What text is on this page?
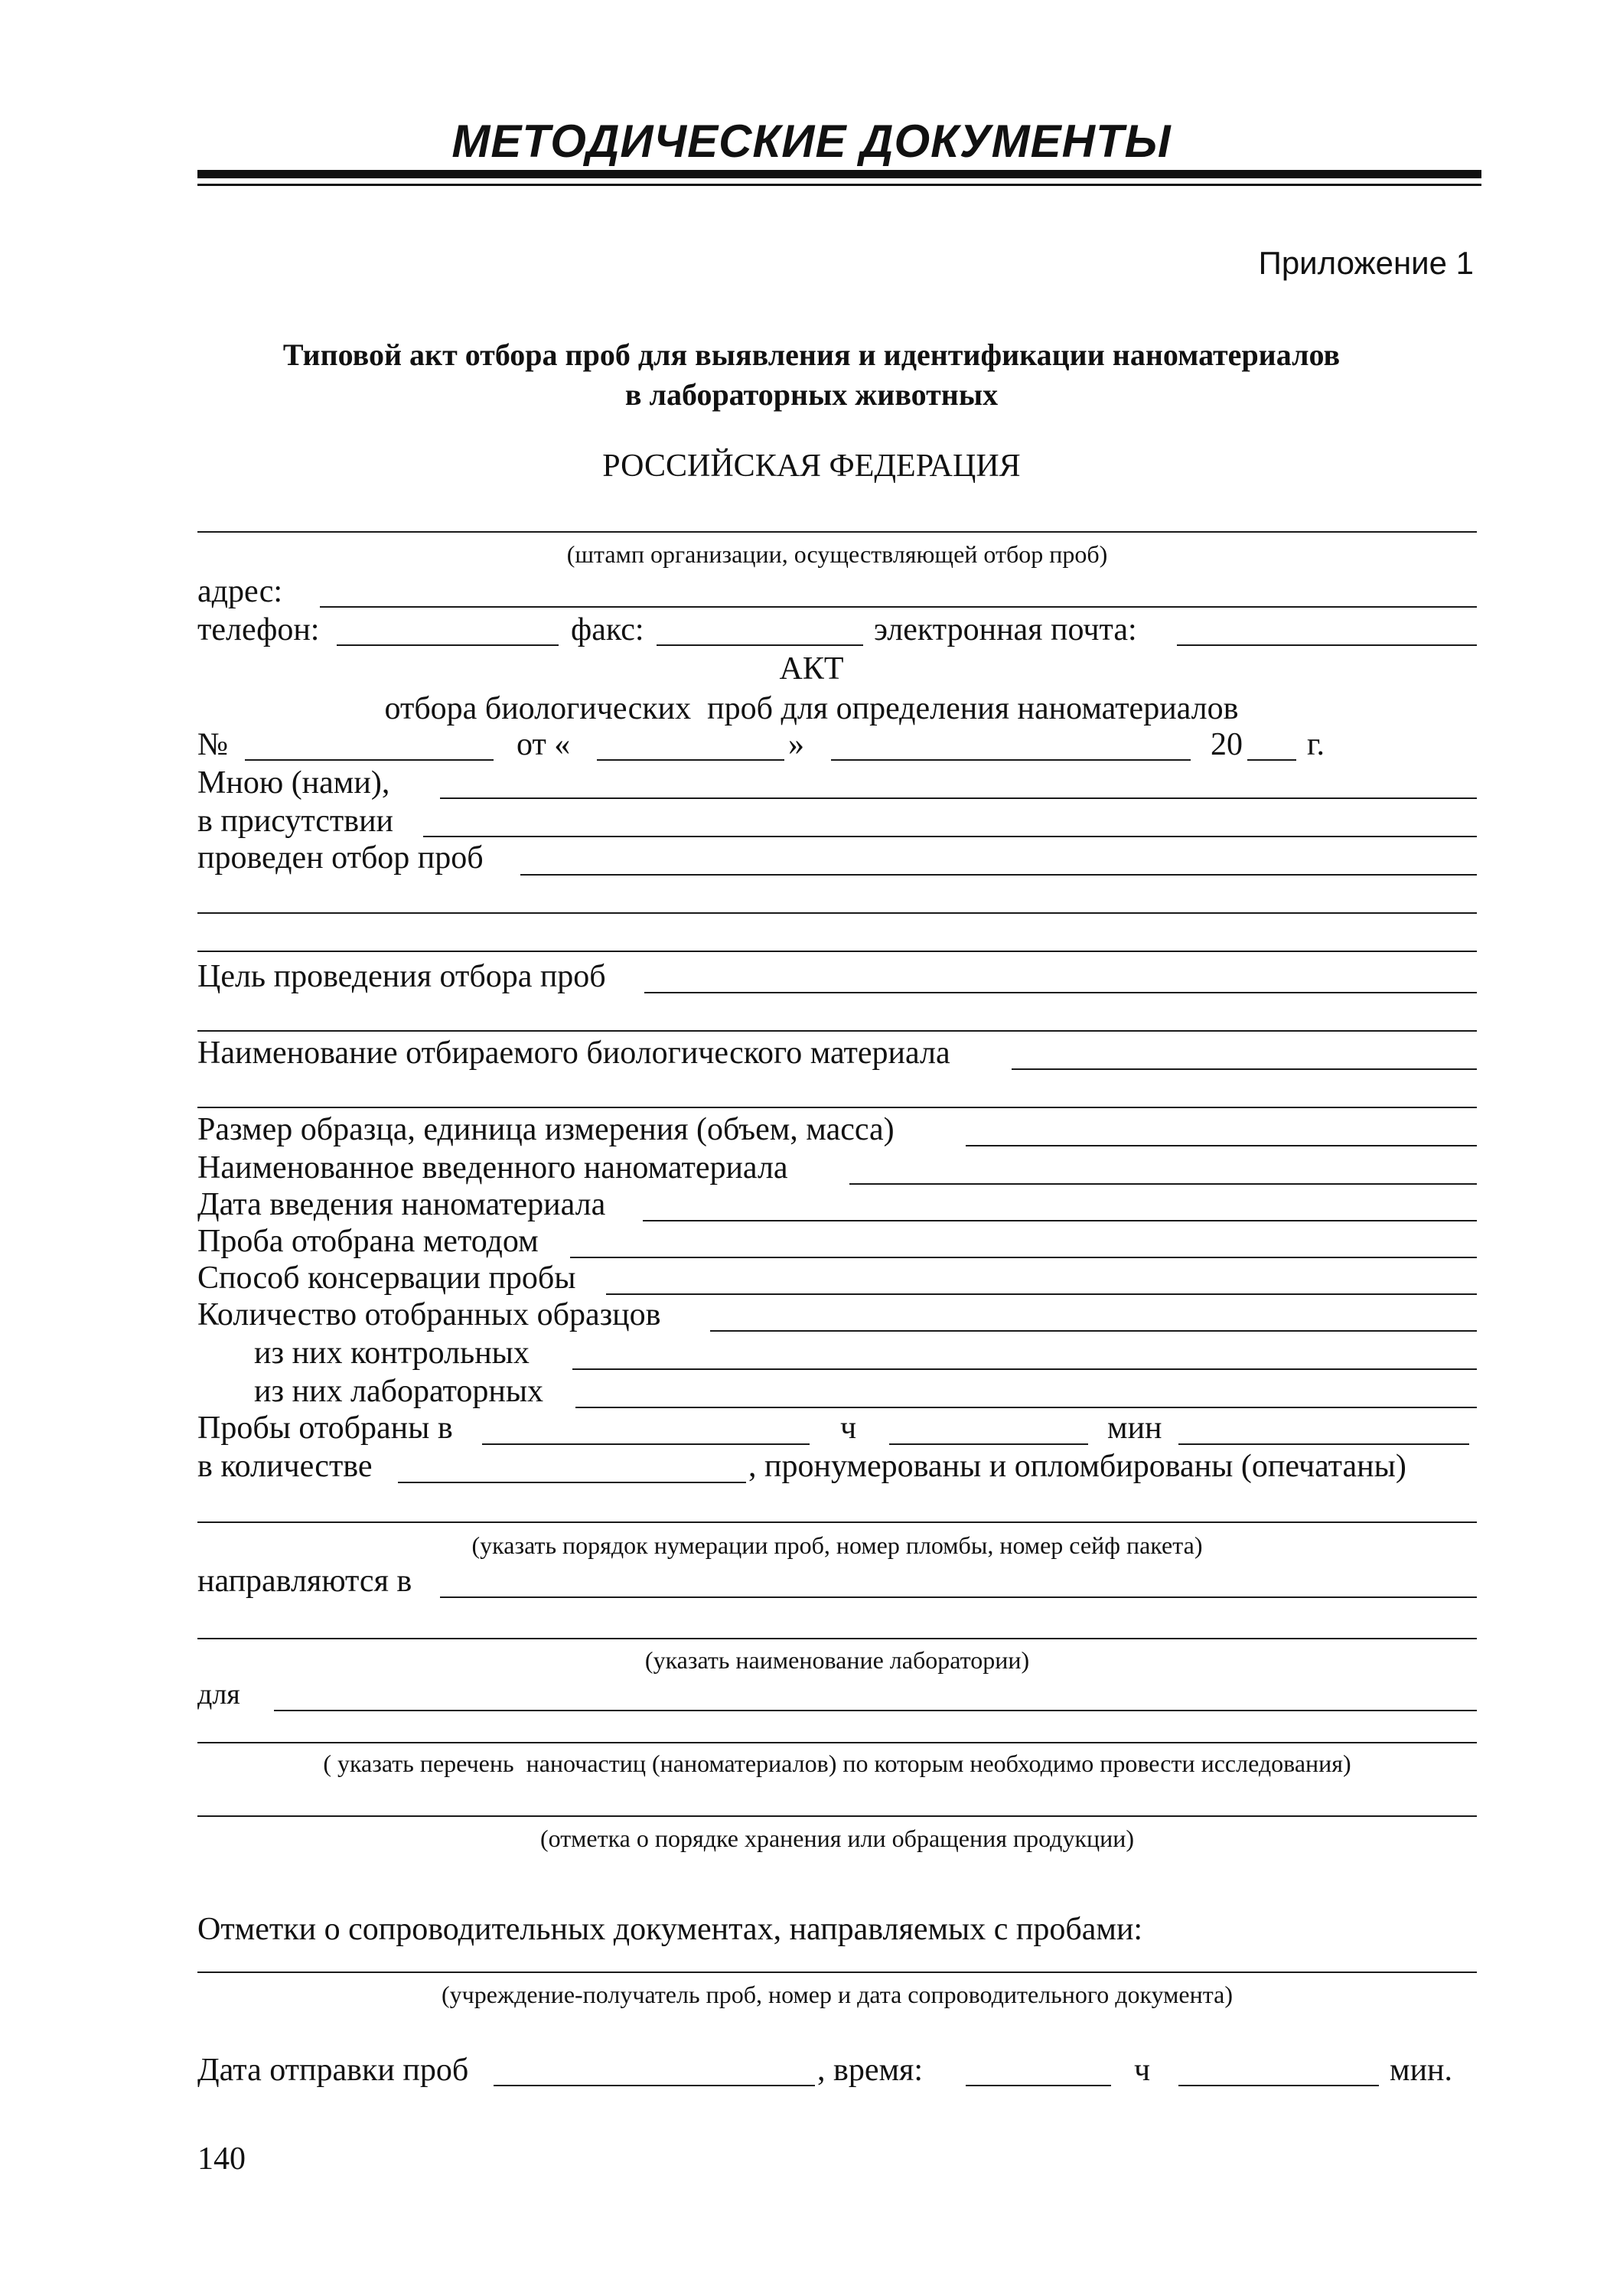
МЕТОДИЧЕСКИЕ ДОКУМЕНТЫ
Приложение 1
Типовой акт отбора проб для выявления и идентификации наноматериалов
в лабораторных животных
РОССИЙСКАЯ ФЕДЕРАЦИЯ
(штамп организации, осуществляющей отбор проб)
адрес:
телефон:	факс:	электронная почта:
АКТ
отбора биологических  проб для определения наноматериалов
№	от «	»	20 г.
Мною (нами),
в присутствии
проведен отбор проб
Цель проведения отбора проб
Наименование отбираемого биологического материала
Размер образца, единица измерения (объем, масса)
Наименованное введенного наноматериала
Дата введения наноматериала
Проба отобрана методом
Способ консервации пробы
Количество отобранных образцов
из них контрольных
из них лабораторных
Пробы отобраны в	ч	мин
в количестве	, пронумерованы и опломбированы (опечатаны)
(указать порядок нумерации проб, номер пломбы, номер сейф пакета)
направляются в
(указать наименование лаборатории)
для
( указать перечень  наночастиц (наноматериалов) по которым необходимо провести исследования)
(отметка о порядке хранения или обращения продукции)
Отметки о сопроводительных документах, направляемых с пробами:
(учреждение-получатель проб, номер и дата сопроводительного документа)
Дата отправки проб	, время:	ч	мин.
140
